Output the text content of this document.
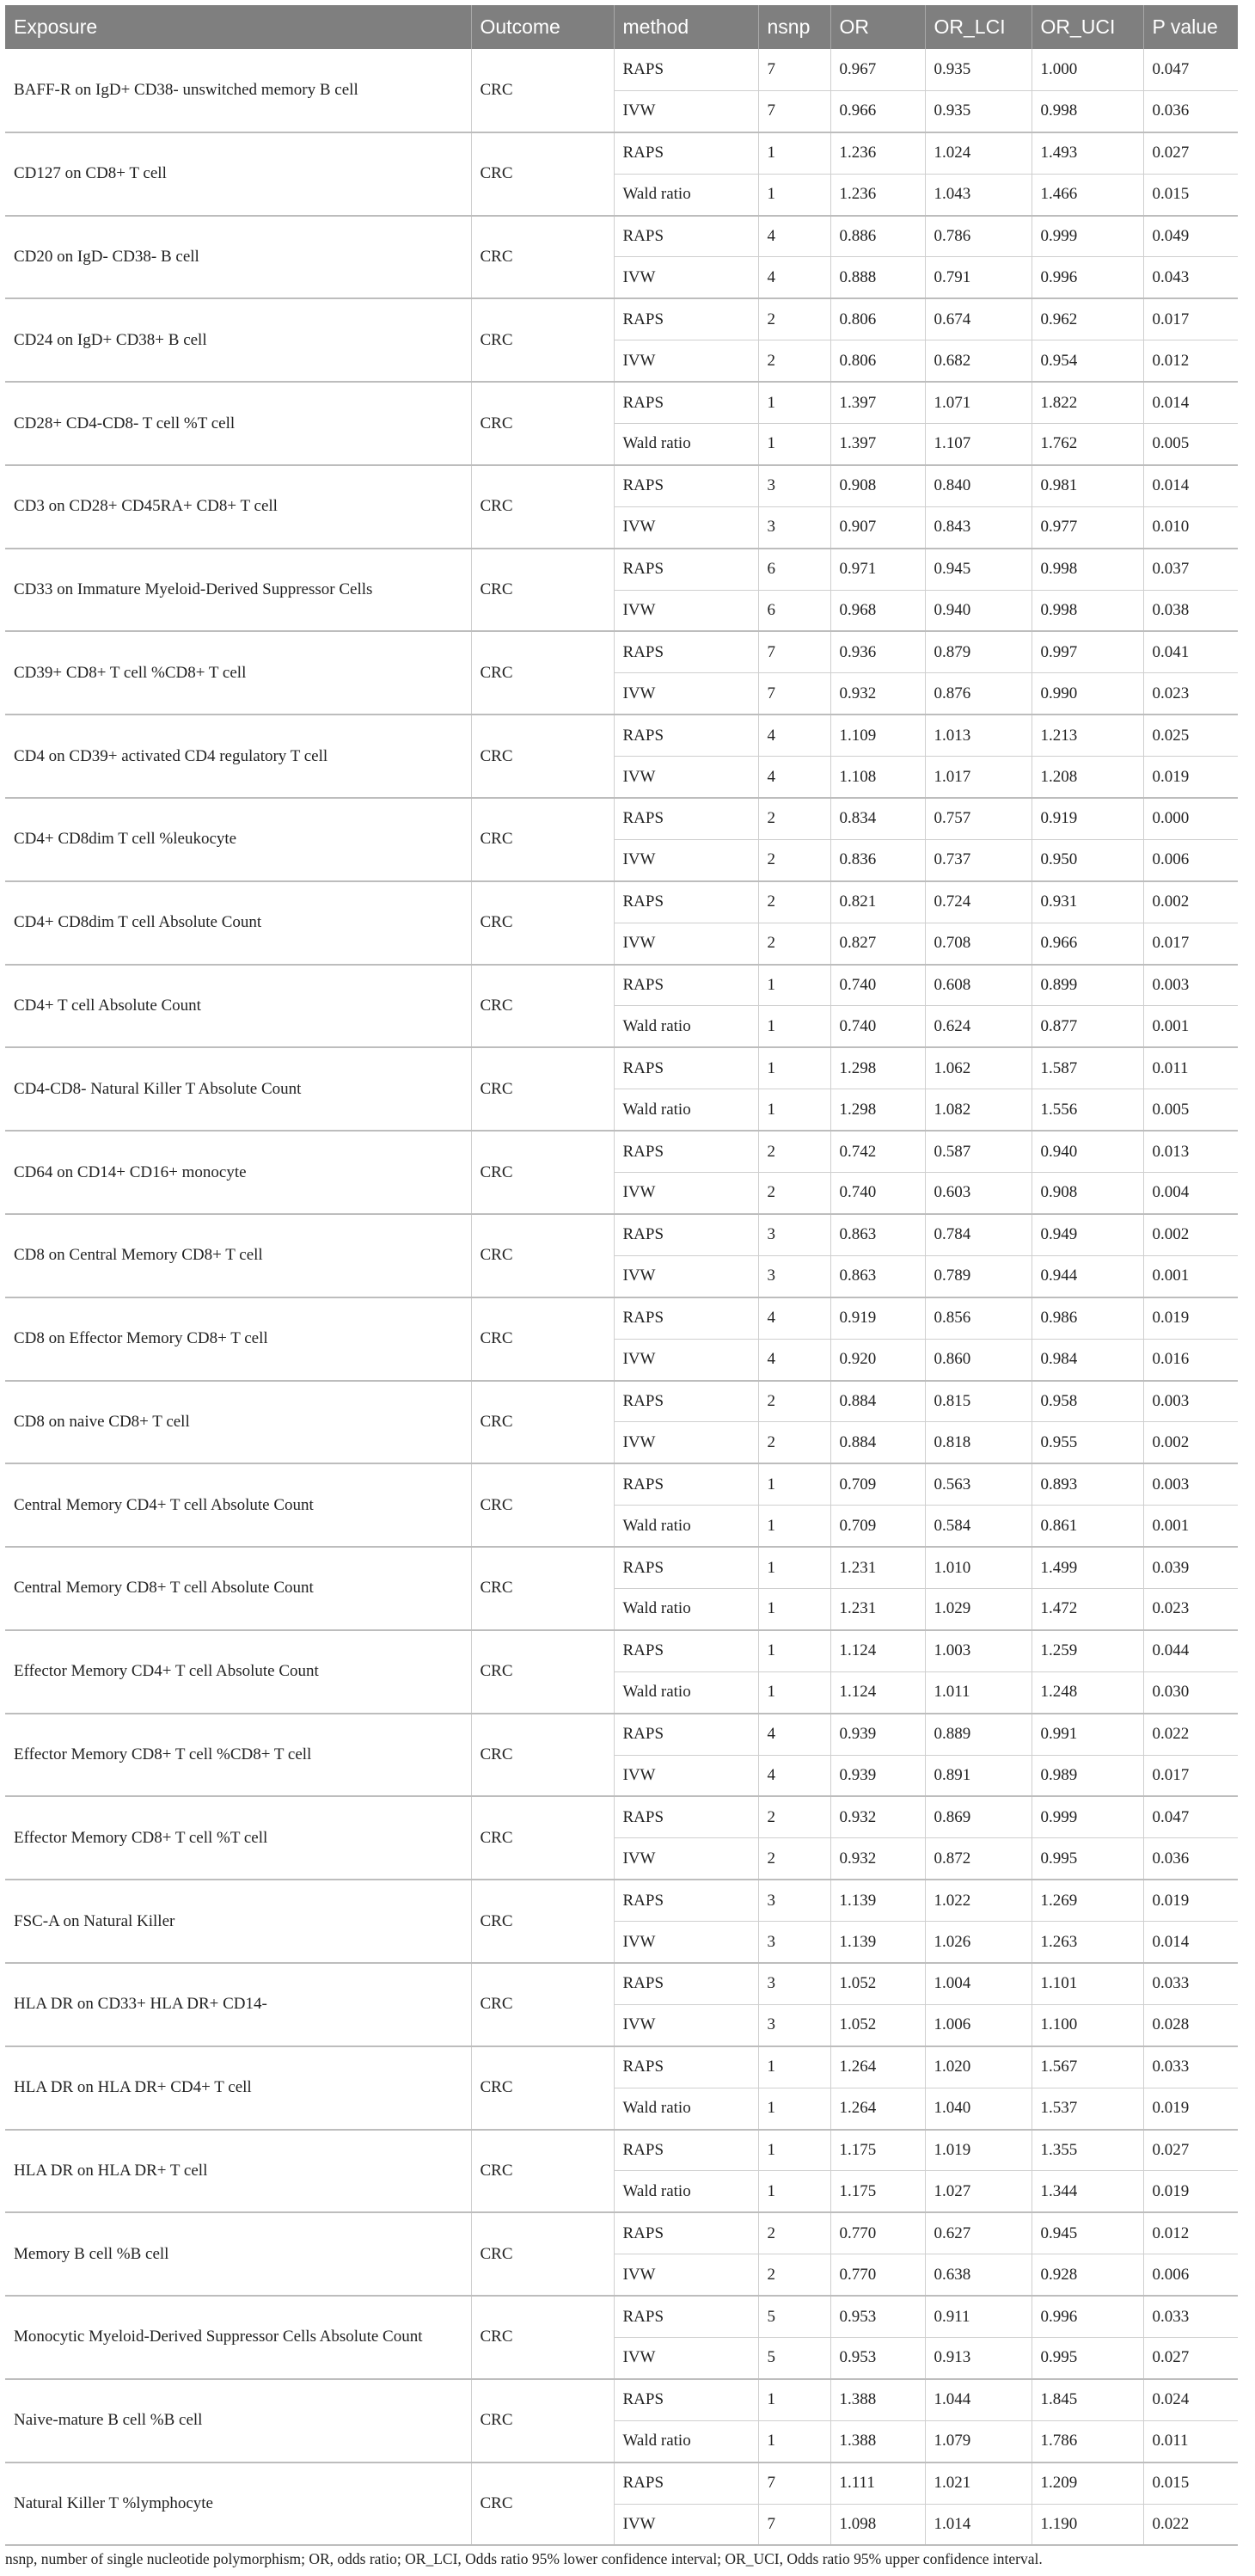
Exposure	Outcome	method	nsnp	OR	OR_LCI	OR_UCI	P value
BAFF-R on IgD+ CD38- unswitched memory B cell	CRC	RAPS	7	0.967	0.935	1.000	0.047
		IVW	7	0.966	0.935	0.998	0.036
CD127 on CD8+ T cell	CRC	RAPS	1	1.236	1.024	1.493	0.027
		Wald ratio	1	1.236	1.043	1.466	0.015
CD20 on IgD- CD38- B cell	CRC	RAPS	4	0.886	0.786	0.999	0.049
		IVW	4	0.888	0.791	0.996	0.043
CD24 on IgD+ CD38+ B cell	CRC	RAPS	2	0.806	0.674	0.962	0.017
		IVW	2	0.806	0.682	0.954	0.012
CD28+ CD4-CD8- T cell %T cell	CRC	RAPS	1	1.397	1.071	1.822	0.014
		Wald ratio	1	1.397	1.107	1.762	0.005
CD3 on CD28+ CD45RA+ CD8+ T cell	CRC	RAPS	3	0.908	0.840	0.981	0.014
		IVW	3	0.907	0.843	0.977	0.010
CD33 on Immature Myeloid-Derived Suppressor Cells	CRC	RAPS	6	0.971	0.945	0.998	0.037
		IVW	6	0.968	0.940	0.998	0.038
CD39+ CD8+ T cell %CD8+ T cell	CRC	RAPS	7	0.936	0.879	0.997	0.041
		IVW	7	0.932	0.876	0.990	0.023
CD4 on CD39+ activated CD4 regulatory T cell	CRC	RAPS	4	1.109	1.013	1.213	0.025
		IVW	4	1.108	1.017	1.208	0.019
CD4+ CD8dim T cell %leukocyte	CRC	RAPS	2	0.834	0.757	0.919	0.000
		IVW	2	0.836	0.737	0.950	0.006
CD4+ CD8dim T cell Absolute Count	CRC	RAPS	2	0.821	0.724	0.931	0.002
		IVW	2	0.827	0.708	0.966	0.017
CD4+ T cell Absolute Count	CRC	RAPS	1	0.740	0.608	0.899	0.003
		Wald ratio	1	0.740	0.624	0.877	0.001
CD4-CD8- Natural Killer T Absolute Count	CRC	RAPS	1	1.298	1.062	1.587	0.011
		Wald ratio	1	1.298	1.082	1.556	0.005
CD64 on CD14+ CD16+ monocyte	CRC	RAPS	2	0.742	0.587	0.940	0.013
		IVW	2	0.740	0.603	0.908	0.004
CD8 on Central Memory CD8+ T cell	CRC	RAPS	3	0.863	0.784	0.949	0.002
		IVW	3	0.863	0.789	0.944	0.001
CD8 on Effector Memory CD8+ T cell	CRC	RAPS	4	0.919	0.856	0.986	0.019
		IVW	4	0.920	0.860	0.984	0.016
CD8 on naive CD8+ T cell	CRC	RAPS	2	0.884	0.815	0.958	0.003
		IVW	2	0.884	0.818	0.955	0.002
Central Memory CD4+ T cell Absolute Count	CRC	RAPS	1	0.709	0.563	0.893	0.003
		Wald ratio	1	0.709	0.584	0.861	0.001
Central Memory CD8+ T cell Absolute Count	CRC	RAPS	1	1.231	1.010	1.499	0.039
		Wald ratio	1	1.231	1.029	1.472	0.023
Effector Memory CD4+ T cell Absolute Count	CRC	RAPS	1	1.124	1.003	1.259	0.044
		Wald ratio	1	1.124	1.011	1.248	0.030
Effector Memory CD8+ T cell %CD8+ T cell	CRC	RAPS	4	0.939	0.889	0.991	0.022
		IVW	4	0.939	0.891	0.989	0.017
Effector Memory CD8+ T cell %T cell	CRC	RAPS	2	0.932	0.869	0.999	0.047
		IVW	2	0.932	0.872	0.995	0.036
FSC-A on Natural Killer	CRC	RAPS	3	1.139	1.022	1.269	0.019
		IVW	3	1.139	1.026	1.263	0.014
HLA DR on CD33+ HLA DR+ CD14-	CRC	RAPS	3	1.052	1.004	1.101	0.033
		IVW	3	1.052	1.006	1.100	0.028
HLA DR on HLA DR+ CD4+ T cell	CRC	RAPS	1	1.264	1.020	1.567	0.033
		Wald ratio	1	1.264	1.040	1.537	0.019
HLA DR on HLA DR+ T cell	CRC	RAPS	1	1.175	1.019	1.355	0.027
		Wald ratio	1	1.175	1.027	1.344	0.019
Memory B cell %B cell	CRC	RAPS	2	0.770	0.627	0.945	0.012
		IVW	2	0.770	0.638	0.928	0.006
Monocytic Myeloid-Derived Suppressor Cells Absolute Count	CRC	RAPS	5	0.953	0.911	0.996	0.033
		IVW	5	0.953	0.913	0.995	0.027
Naive-mature B cell %B cell	CRC	RAPS	1	1.388	1.044	1.845	0.024
		Wald ratio	1	1.388	1.079	1.786	0.011
Natural Killer T %lymphocyte	CRC	RAPS	7	1.111	1.021	1.209	0.015
		IVW	7	1.098	1.014	1.190	0.022
nsnp, number of single nucleotide polymorphism; OR, odds ratio; OR_LCI, Odds ratio 95% lower confidence interval; OR_UCI, Odds ratio 95% upper confidence interval.
